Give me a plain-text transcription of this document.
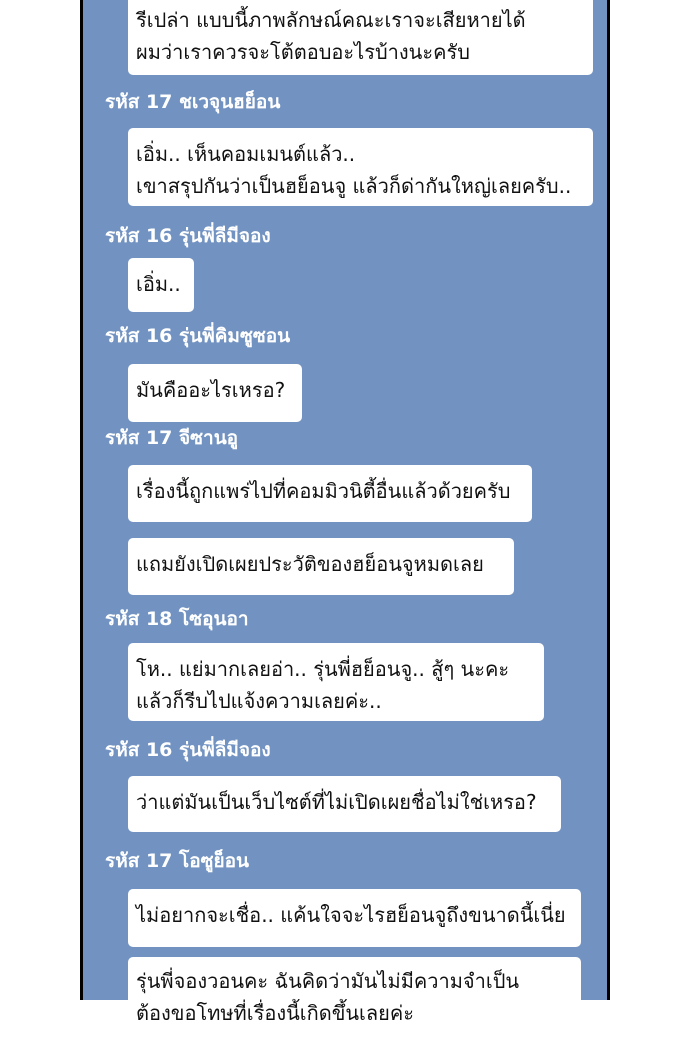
รีเปล่า แบบนี้ภาพลักษณ์คณะเราจะเสียหายได้
ผมว่าเราควรจะโต้ตอบอะไรบ้างนะครับ
รหัส 17 ชเวจุนฮย็อน
เอิ่ม.. เห็นคอมเมนต์แล้ว..
เขาสรุปกันว่าเป็นฮย็อนจู แล้วก็ด่ากันใหญ่เลยครับ..
รหัส 16 รุ่นพี่ลีมีจอง
เอิ่ม..
รหัส 16 รุ่นพี่คิมซูซอน
มันคืออะไรเหรอ?
รหัส 17 จีซานอู
เรื่องนี้ถูกแพร่ไปที่คอมมิวนิตี้อื่นแล้วด้วยครับ
แถมยังเปิดเผยประวัติของฮย็อนจูหมดเลย
รหัส 18 โซอุนอา
โห.. แย่มากเลยอ่า.. รุ่นพี่ฮย็อนจู.. สู้ๆ นะคะ
แล้วก็รีบไปแจ้งความเลยค่ะ..
รหัส 16 รุ่นพี่ลีมีจอง
ว่าแต่มันเป็นเว็บไซต์ที่ไม่เปิดเผยชื่อไม่ใช่เหรอ?
รหัส 17 โอซูย็อน
ไม่อยากจะเชื่อ.. แค้นใจจะไรฮย็อนจูถึงขนาดนี้เนี่ย
รุ่นพี่จองวอนคะ ฉันคิดว่ามันไม่มีความจำเป็น
ต้องขอโทษที่เรื่องนี้เกิดขึ้นเลยค่ะ
